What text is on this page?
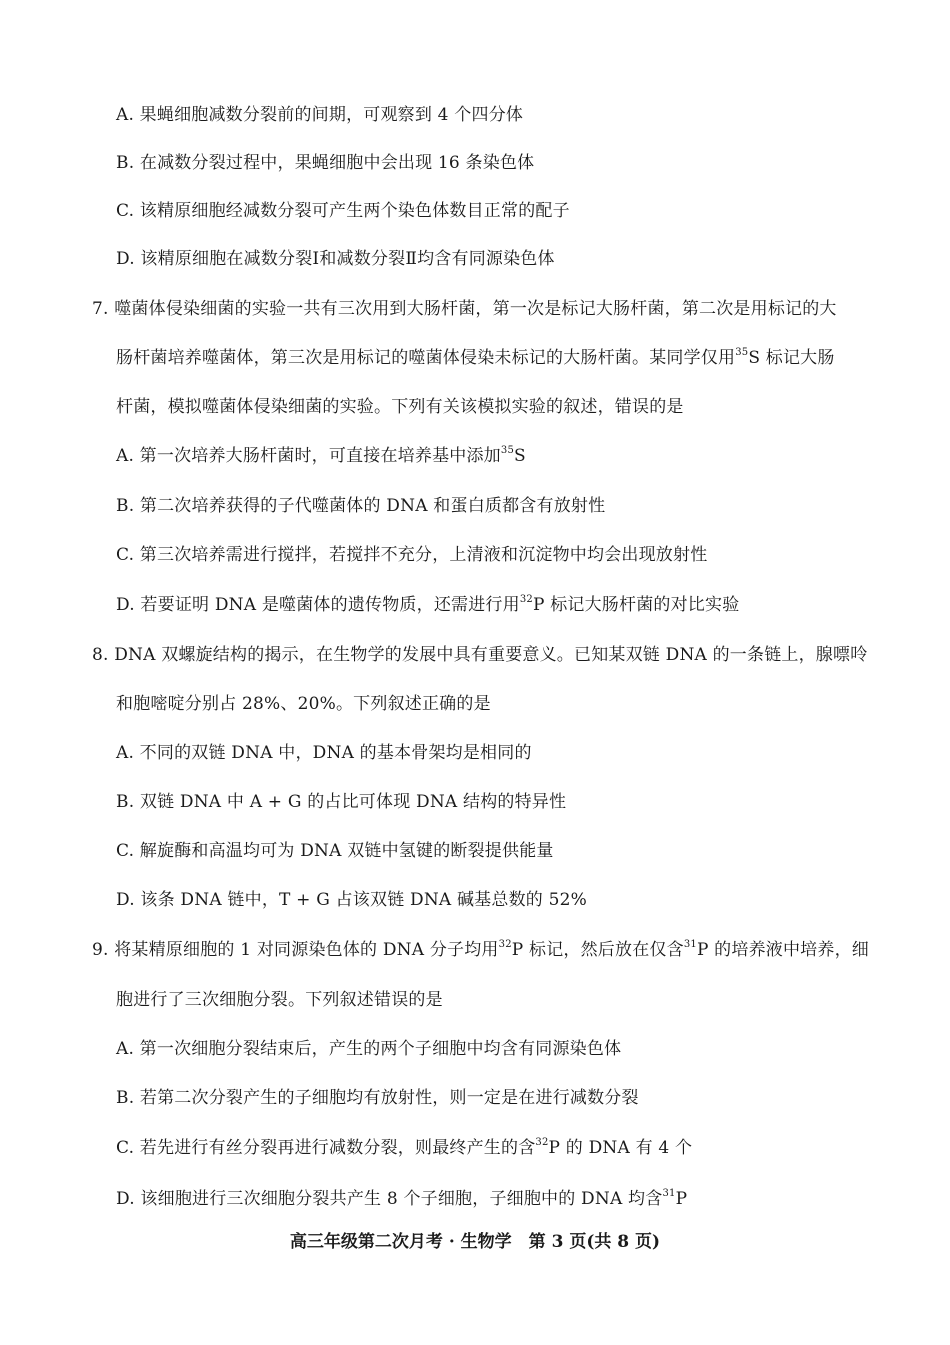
A. 果蝇细胞减数分裂前的间期，可观察到 4 个四分体
B. 在减数分裂过程中，果蝇细胞中会出现 16 条染色体
C. 该精原细胞经减数分裂可产生两个染色体数目正常的配子
D. 该精原细胞在减数分裂Ⅰ和减数分裂Ⅱ均含有同源染色体
7. 噬菌体侵染细菌的实验一共有三次用到大肠杆菌，第一次是标记大肠杆菌，第二次是用标记的大
肠杆菌培养噬菌体，第三次是用标记的噬菌体侵染未标记的大肠杆菌。某同学仅用$^{35}$S 标记大肠
杆菌，模拟噬菌体侵染细菌的实验。下列有关该模拟实验的叙述，错误的是
A. 第一次培养大肠杆菌时，可直接在培养基中添加$^{35}$S
B. 第二次培养获得的子代噬菌体的 DNA 和蛋白质都含有放射性
C. 第三次培养需进行搅拌，若搅拌不充分，上清液和沉淀物中均会出现放射性
D. 若要证明 DNA 是噬菌体的遗传物质，还需进行用$^{32}$P 标记大肠杆菌的对比实验
8. DNA 双螺旋结构的揭示，在生物学的发展中具有重要意义。已知某双链 DNA 的一条链上，腺嘌呤
和胞嘧啶分别占 28%、20%。下列叙述正确的是
A. 不同的双链 DNA 中，DNA 的基本骨架均是相同的
B. 双链 DNA 中 A + G 的占比可体现 DNA 结构的特异性
C. 解旋酶和高温均可为 DNA 双链中氢键的断裂提供能量
D. 该条 DNA 链中，T + G 占该双链 DNA 碱基总数的 52%
9. 将某精原细胞的 1 对同源染色体的 DNA 分子均用$^{32}$P 标记，然后放在仅含$^{31}$P 的培养液中培养，细
胞进行了三次细胞分裂。下列叙述错误的是
A. 第一次细胞分裂结束后，产生的两个子细胞中均含有同源染色体
B. 若第二次分裂产生的子细胞均有放射性，则一定是在进行减数分裂
C. 若先进行有丝分裂再进行减数分裂，则最终产生的含$^{32}$P 的 DNA 有 4 个
D. 该细胞进行三次细胞分裂共产生 8 个子细胞，子细胞中的 DNA 均含$^{31}$P
高三年级第二次月考 · 生物学　第 3 页(共 8 页)
